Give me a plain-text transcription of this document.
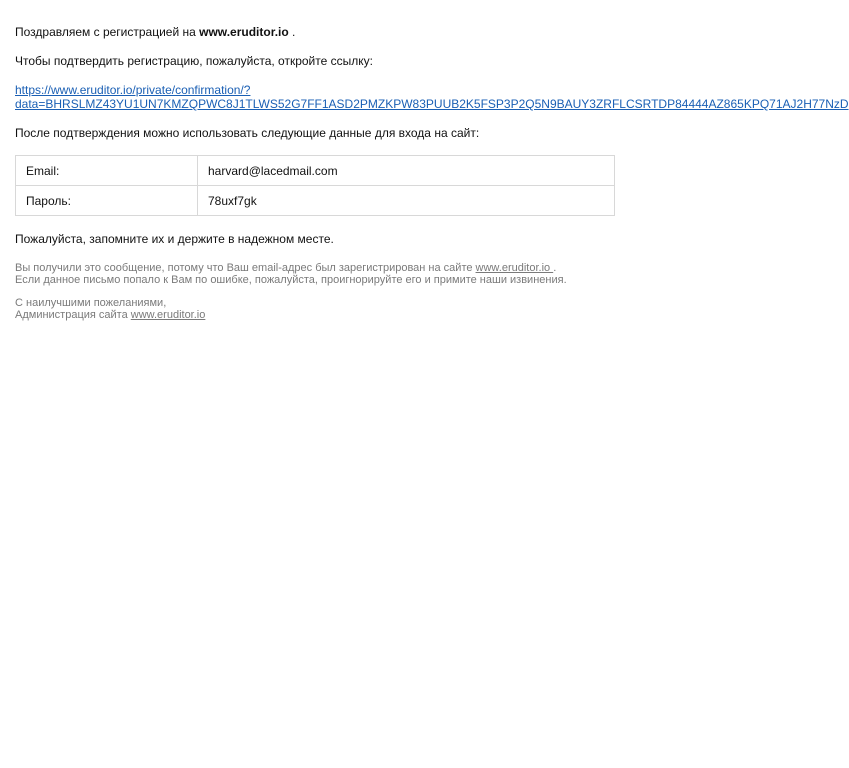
Поздравляем с регистрацией на www.eruditor.io .

Чтобы подтвердить регистрацию, пожалуйста, откройте ссылку:

https://www.eruditor.io/private/confirmation/?
data=BHRSLMZ43YU1UN7KMZQPWC8J1TLWS52G7FF1ASD2PMZKPW83PUUB2K5FSP3P2Q5N9BAUY3ZRFLCSRTDP84444AZ865KPQ71AJ2H77NzD

После подтверждения можно использовать следующие данные для входа на сайт:

Email:	harvard@lacedmail.com
Пароль:	78uxf7gk

Пожалуйста, запомните их и держите в надежном месте.

Вы получили это сообщение, потому что Ваш email-адрес был зарегистрирован на сайте www.eruditor.io .
Если данное письмо попало к Вам по ошибке, пожалуйста, проигнорируйте его и примите наши извинения.
С наилучшими пожеланиями,
Администрация сайта www.eruditor.io
